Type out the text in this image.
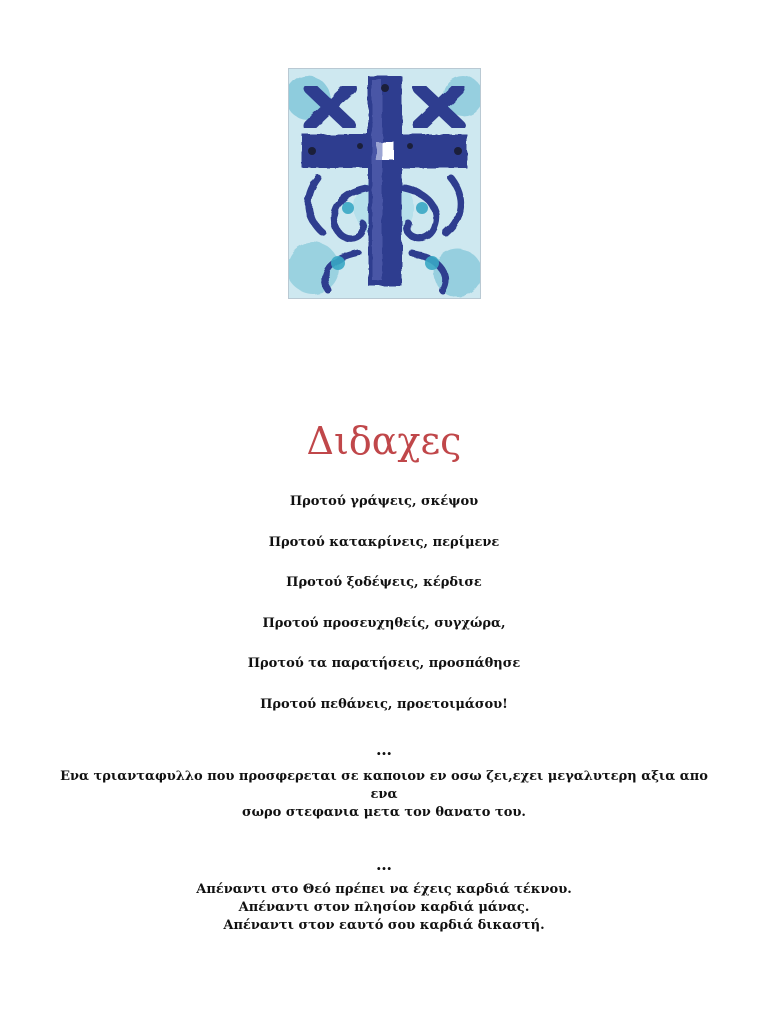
Διδαχες
Προτού γράψεις, σκέψου
Προτού κατακρίνεις, περίμενε
Προτού ξοδέψεις, κέρδισε
Προτού προσευχηθείς, συγχώρα,
Προτού τα παρατήσεις, προσπάθησε
Προτού πεθάνεις, προετοιμάσου!
…
Ενα τριανταφυλλο που προσφερεται σε καποιον εν οσω ζει,εχει μεγαλυτερη αξια απο ενα
σωρο στεφανια μετα τον θανατο του.
…
Απέναντι στο Θεό πρέπει να έχεις καρδιά τέκνου.
Απέναντι στον πλησίον καρδιά μάνας.
Απέναντι στον εαυτό σου καρδιά δικαστή.
